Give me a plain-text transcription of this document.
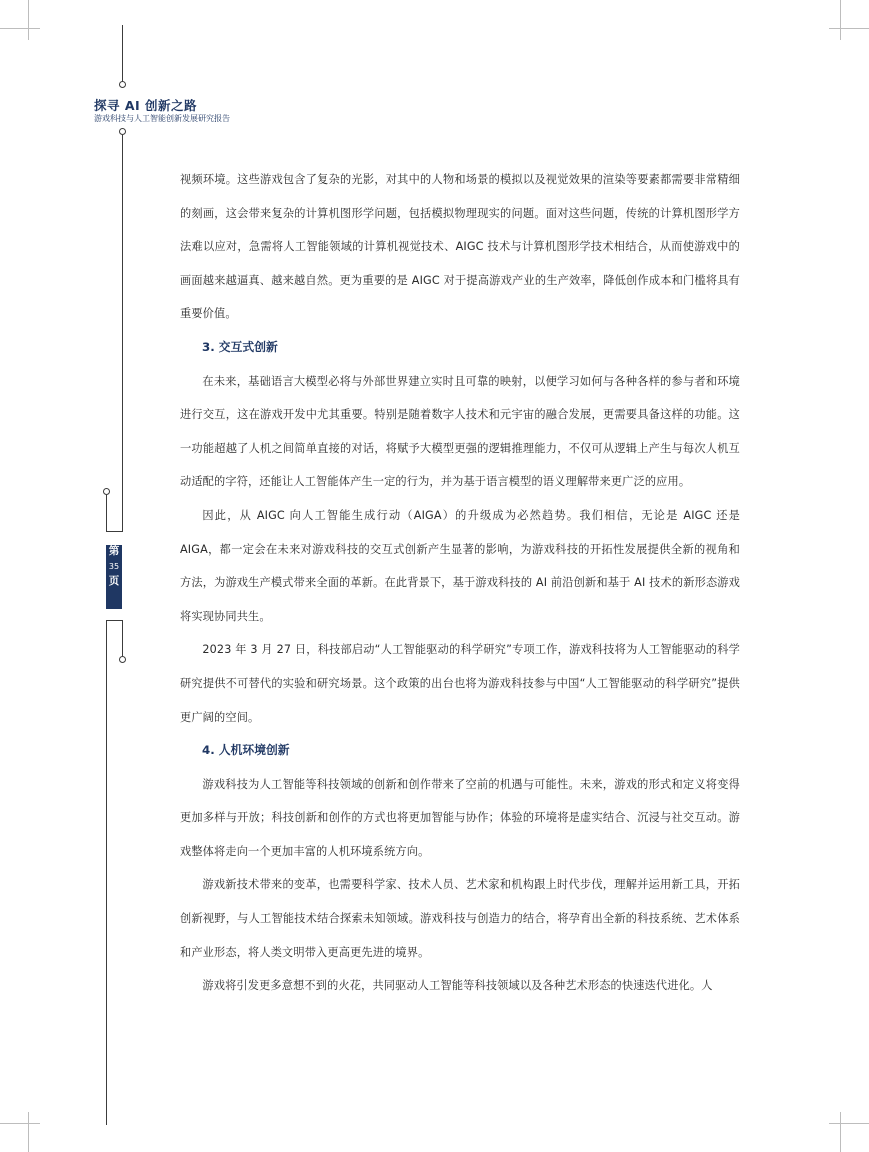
第
35
页
探寻 AI 创新之路
游戏科技与人工智能创新发展研究报告

视频环境。这些游戏包含了复杂的光影，对其中的人物和场景的模拟以及视觉效果的渲染等要素都需要非常精细的刻画，这会带来复杂的计算机图形学问题，包括模拟物理现实的问题。面对这些问题，传统的计算机图形学方法难以应对，急需将人工智能领域的计算机视觉技术、AIGC 技术与计算机图形学技术相结合，从而使游戏中的画面越来越逼真、越来越自然。更为重要的是 AIGC 对于提高游戏产业的生产效率，降低创作成本和门槛将具有重要价值。

3. 交互式创新

在未来，基础语言大模型必将与外部世界建立实时且可靠的映射，以便学习如何与各种各样的参与者和环境进行交互，这在游戏开发中尤其重要。特别是随着数字人技术和元宇宙的融合发展，更需要具备这样的功能。这一功能超越了人机之间简单直接的对话，将赋予大模型更强的逻辑推理能力，不仅可从逻辑上产生与每次人机互动适配的字符，还能让人工智能体产生一定的行为，并为基于语言模型的语义理解带来更广泛的应用。

因此，从 AIGC 向人工智能生成行动（AIGA）的升级成为必然趋势。我们相信，无论是 AIGC 还是 AIGA，都一定会在未来对游戏科技的交互式创新产生显著的影响，为游戏科技的开拓性发展提供全新的视角和方法，为游戏生产模式带来全面的革新。在此背景下，基于游戏科技的 AI 前沿创新和基于 AI 技术的新形态游戏将实现协同共生。

2023 年 3 月 27 日，科技部启动“人工智能驱动的科学研究”专项工作，游戏科技将为人工智能驱动的科学研究提供不可替代的实验和研究场景。这个政策的出台也将为游戏科技参与中国“人工智能驱动的科学研究”提供更广阔的空间。

4. 人机环境创新

游戏科技为人工智能等科技领域的创新和创作带来了空前的机遇与可能性。未来，游戏的形式和定义将变得更加多样与开放；科技创新和创作的方式也将更加智能与协作；体验的环境将是虚实结合、沉浸与社交互动。游戏整体将走向一个更加丰富的人机环境系统方向。

游戏新技术带来的变革，也需要科学家、技术人员、艺术家和机构跟上时代步伐，理解并运用新工具，开拓创新视野，与人工智能技术结合探索未知领域。游戏科技与创造力的结合，将孕育出全新的科技系统、艺术体系和产业形态，将人类文明带入更高更先进的境界。

游戏将引发更多意想不到的火花，共同驱动人工智能等科技领域以及各种艺术形态的快速迭代进化。人
